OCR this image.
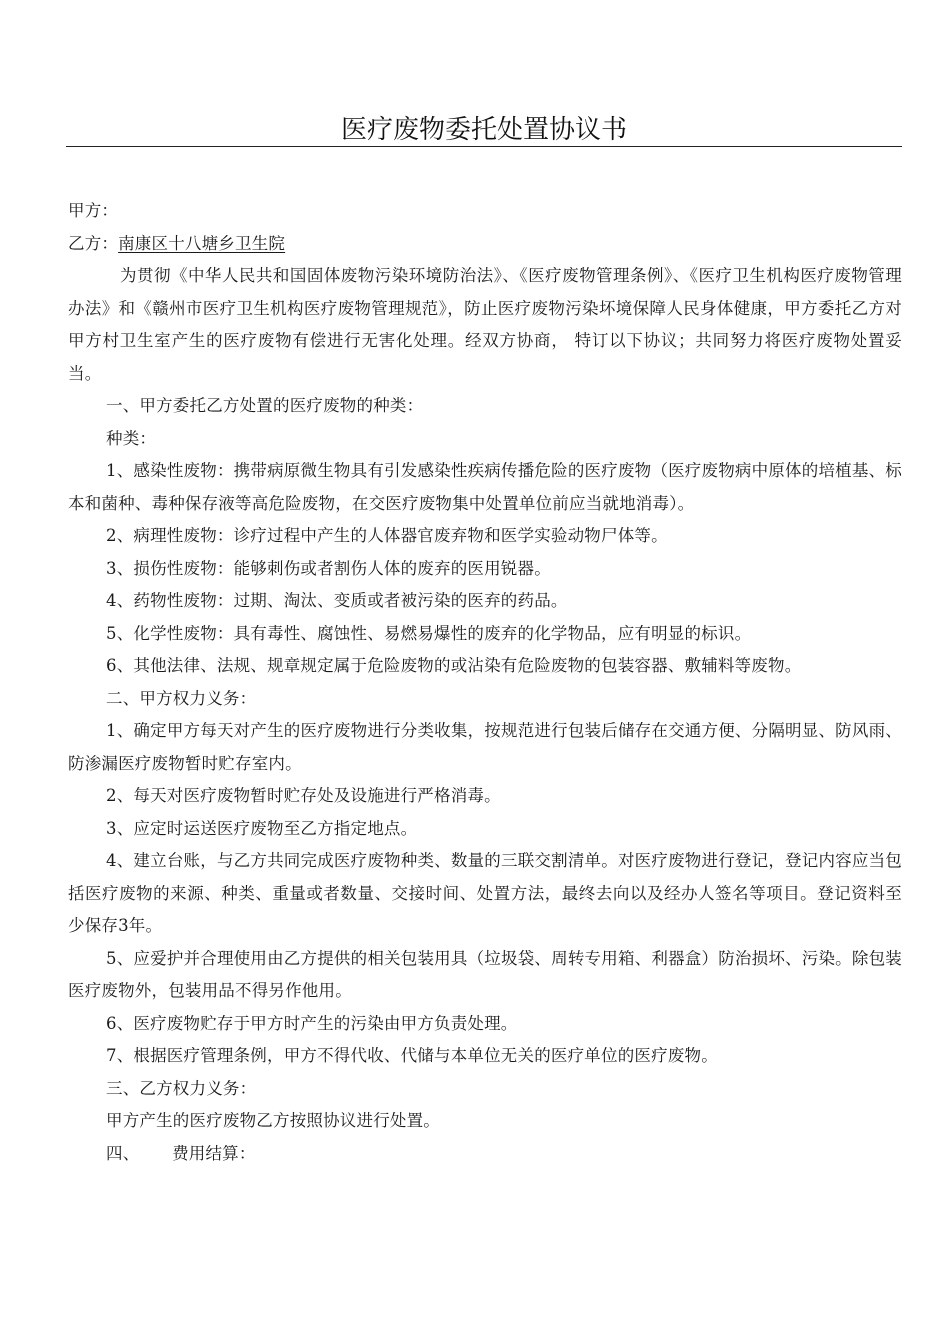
医疗废物委托处置协议书

甲方：

乙方：南康区十八塘乡卫生院

为贯彻《中华人民共和国固体废物污染环境防治法》、《医疗废物管理条例》、《医疗卫生机构医疗废物管理办法》和《赣州市医疗卫生机构医疗废物管理规范》，防止医疗废物污染坏境保障人民身体健康，甲方委托乙方对甲方村卫生室产生的医疗废物有偿进行无害化处理。经双方协商， 特订以下协议；共同努力将医疗废物处置妥当。

一、甲方委托乙方处置的医疗废物的种类：

种类：

1、感染性废物：携带病原微生物具有引发感染性疾病传播危险的医疗废物（医疗废物病中原体的培植基、标本和菌种、毒种保存液等高危险废物，在交医疗废物集中处置单位前应当就地消毒）。

2、病理性废物：诊疗过程中产生的人体器官废弃物和医学实验动物尸体等。

3、损伤性废物：能够刺伤或者割伤人体的废弃的医用锐器。

4、药物性废物：过期、淘汰、变质或者被污染的医弃的药品。

5、化学性废物：具有毒性、腐蚀性、易燃易爆性的废弃的化学物品，应有明显的标识。

6、其他法律、法规、规章规定属于危险废物的或沾染有危险废物的包装容器、敷辅料等废物。

二、甲方权力义务：

1、确定甲方每天对产生的医疗废物进行分类收集，按规范进行包装后储存在交通方便、分隔明显、防风雨、防渗漏医疗废物暂时贮存室内。

2、每天对医疗废物暂时贮存处及设施进行严格消毒。

3、应定时运送医疗废物至乙方指定地点。

4、建立台账，与乙方共同完成医疗废物种类、数量的三联交割清单。对医疗废物进行登记，登记内容应当包括医疗废物的来源、种类、重量或者数量、交接时间、处置方法，最终去向以及经办人签名等项目。登记资料至少保存3年。

5、应爱护并合理使用由乙方提供的相关包装用具（垃圾袋、周转专用箱、利器盒）防治损坏、污染。除包装医疗废物外，包装用品不得另作他用。

6、医疗废物贮存于甲方时产生的污染由甲方负责处理。

7、根据医疗管理条例，甲方不得代收、代储与本单位无关的医疗单位的医疗废物。

三、乙方权力义务：

甲方产生的医疗废物乙方按照协议进行处置。

四、      费用结算：
